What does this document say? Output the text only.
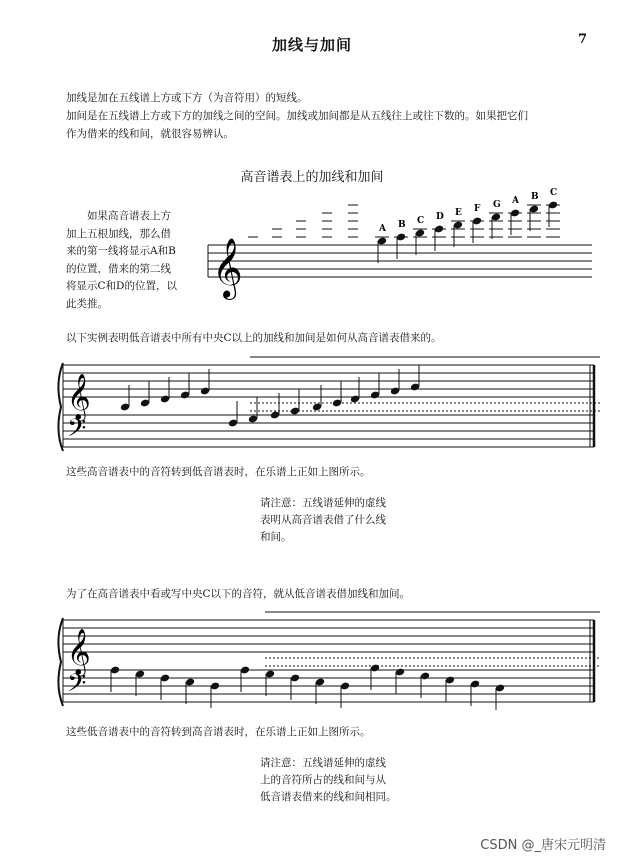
加线与加间	7
加线是加在五线谱上方或下方（为音符用）的短线。
加间是在五线谱上方或下方的加线之间的空间。加线或加间都是从五线往上或往下数的。如果把它们
作为借来的线和间，就很容易辨认。
高音谱表上的加线和加间
如果高音谱表上方
加上五根加线，那么借
来的第一线将显示A和B
的位置，借来的第二线
将显示C和D的位置，以
此类推。
𝄞
A B C D E F G A B C
以下实例表明低音谱表中所有中央C以上的加线和加间是如何从高音谱表借来的。
𝄞
𝄢
这些高音谱表中的音符转到低音谱表时，在乐谱上正如上图所示。
请注意：五线谱延伸的虚线
表明从高音谱表借了什么线
和间。
为了在高音谱表中看或写中央C以下的音符，就从低音谱表借加线和加间。
𝄞
𝄢
这些低音谱表中的音符转到高音谱表时，在乐谱上正如上图所示。
请注意：五线谱延伸的虚线
上的音符所占的线和间与从
低音谱表借来的线和间相同。
CSDN @_唐宋元明清
